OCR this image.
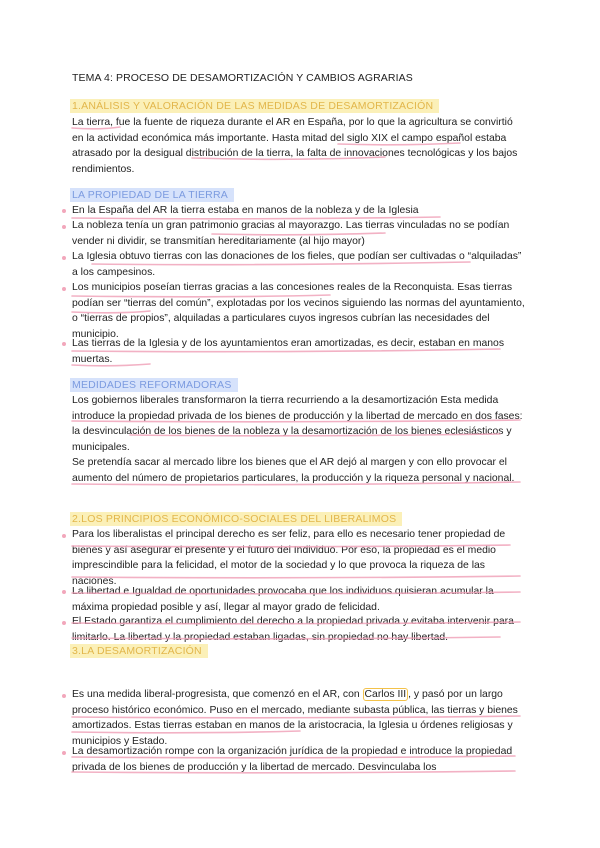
TEMA 4: PROCESO DE DESAMORTIZACIÓN Y CAMBIOS AGRARIAS
1.ANÁLISIS Y VALORACIÓN DE LAS MEDIDAS DE DESAMORTIZACIÓN

La tierra, fue la fuente de riqueza durante el AR en España, por lo que la agricultura se convirtió en la actividad económica más importante. Hasta mitad del siglo XIX el campo español estaba atrasado por la desigual distribución de la tierra, la falta de innovaciones tecnológicas y los bajos rendimientos.

LA PROPIEDAD DE LA TIERRA

En la España del AR la tierra estaba en manos de la nobleza y de la Iglesia

La nobleza tenía un gran patrimonio gracias al mayorazgo. Las tierras vinculadas no se podían vender ni dividir, se transmitían hereditariamente (al hijo mayor)

La Iglesia obtuvo tierras con las donaciones de los fieles, que podían ser cultivadas o “alquiladas” a los campesinos.

Los municipios poseían tierras gracias a las concesiones reales de la Reconquista. Esas tierras podían ser “tierras del común”, explotadas por los vecinos siguiendo las normas del ayuntamiento, o “tierras de propios”, alquiladas a particulares cuyos ingresos cubrían las necesidades del municipio.

Las tierras de la Iglesia y de los ayuntamientos eran amortizadas, es decir, estaban en manos muertas.

MEDIDADES REFORMADORAS

Los gobiernos liberales transformaron la tierra recurriendo a la desamortización Esta medida introduce la propiedad privada de los bienes de producción y la libertad de mercado en dos fases: la desvinculación de los bienes de la nobleza y la desamortización de los bienes eclesiásticos y municipales.

Se pretendía sacar al mercado libre los bienes que el AR dejó al margen y con ello provocar el aumento del número de propietarios particulares, la producción y la riqueza personal y nacional.

2.LOS PRINCIPIOS ECONÓMICO-SOCIALES DEL LIBERALIMOS

Para los liberalistas el principal derecho es ser feliz, para ello es necesario tener propiedad de bienes y así asegurar el presente y el futuro del Individuo. Por eso, la propiedad es el medio imprescindible para la felicidad, el motor de la sociedad y lo que provoca la riqueza de las naciones.

La libertad e Igualdad de oportunidades provocaba que los individuos quisieran acumular la máxima propiedad posible y así, llegar al mayor grado de felicidad.

El Estado garantiza el cumplimiento del derecho a la propiedad privada y evitaba intervenir para limitarlo. La libertad y la propiedad estaban ligadas, sin propiedad no hay libertad.

3.LA DESAMORTIZACIÓN

Es una medida liberal-progresista, que comenzó en el AR, con Carlos III , y pasó por un largo proceso histórico económico. Puso en el mercado, mediante subasta pública, las tierras y bienes amortizados. Estas tierras estaban en manos de la aristocracia, la Iglesia u órdenes religiosas y municipios y Estado.

La desamortización rompe con la organización jurídica de la propiedad e introduce la propiedad privada de los bienes de producción y la libertad de mercado. Desvinculaba los
